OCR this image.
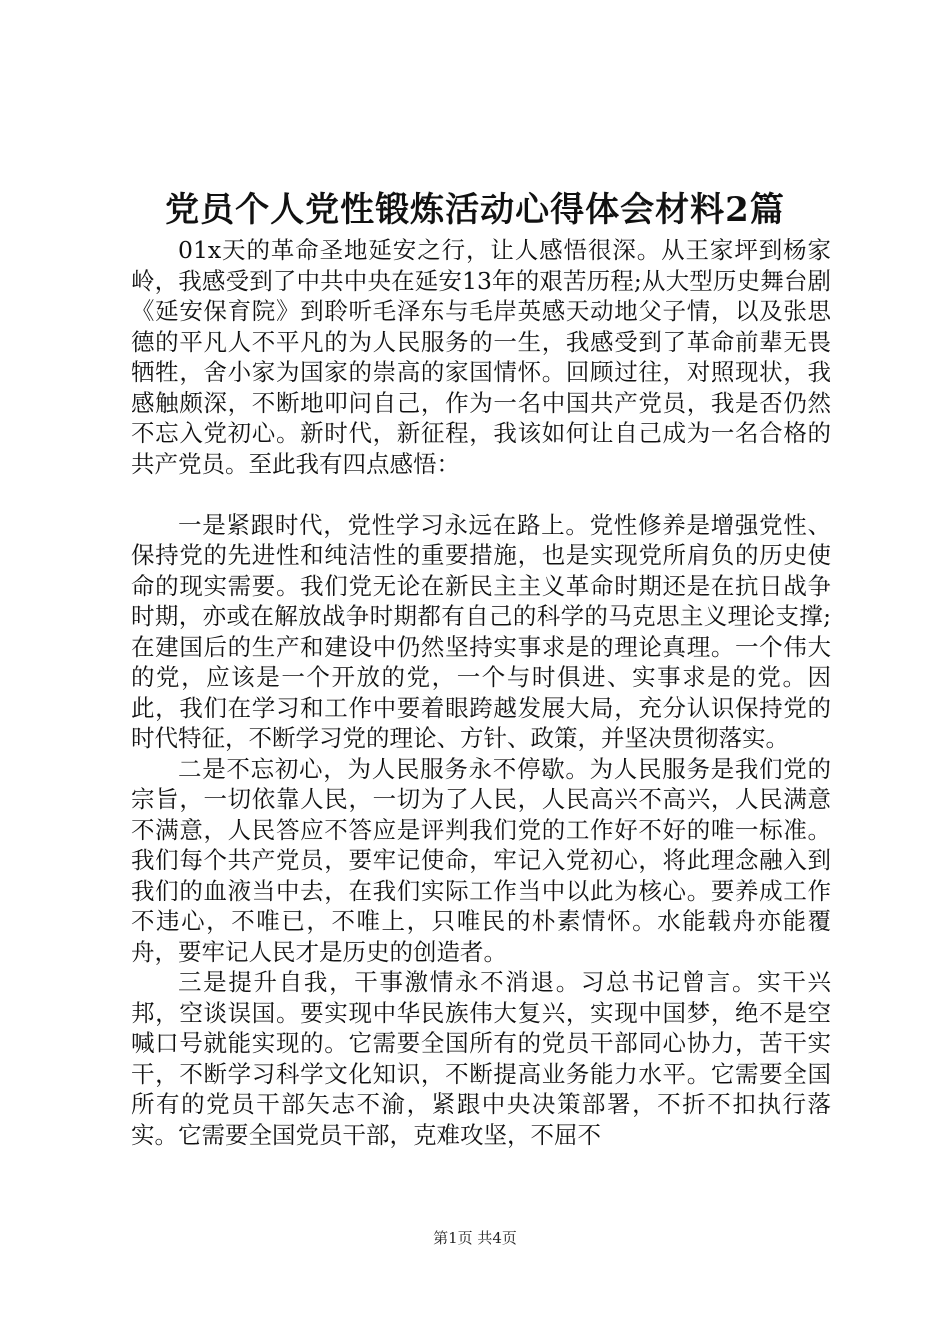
党员个人党性锻炼活动心得体会材料2篇

01x天的革命圣地延安之行，让人感悟很深。从王家坪到杨家岭，我感受到了中共中央在延安13年的艰苦历程;从大型历史舞台剧《延安保育院》到聆听毛泽东与毛岸英感天动地父子情，以及张思德的平凡人不平凡的为人民服务的一生，我感受到了革命前辈无畏牺牲，舍小家为国家的崇高的家国情怀。回顾过往，对照现状，我感触颇深，不断地叩问自己，作为一名中国共产党员，我是否仍然不忘入党初心。新时代，新征程，我该如何让自己成为一名合格的共产党员。至此我有四点感悟：

一是紧跟时代，党性学习永远在路上。党性修养是增强党性、保持党的先进性和纯洁性的重要措施，也是实现党所肩负的历史使命的现实需要。我们党无论在新民主主义革命时期还是在抗日战争时期，亦或在解放战争时期都有自己的科学的马克思主义理论支撑;在建国后的生产和建设中仍然坚持实事求是的理论真理。一个伟大的党，应该是一个开放的党，一个与时俱进、实事求是的党。因此，我们在学习和工作中要着眼跨越发展大局，充分认识保持党的时代特征，不断学习党的理论、方针、政策，并坚决贯彻落实。

二是不忘初心，为人民服务永不停歇。为人民服务是我们党的宗旨，一切依靠人民，一切为了人民，人民高兴不高兴，人民满意不满意，人民答应不答应是评判我们党的工作好不好的唯一标准。我们每个共产党员，要牢记使命，牢记入党初心，将此理念融入到我们的血液当中去，在我们实际工作当中以此为核心。要养成工作不违心，不唯已，不唯上，只唯民的朴素情怀。水能载舟亦能覆舟，要牢记人民才是历史的创造者。

三是提升自我，干事激情永不消退。习总书记曾言。实干兴邦，空谈误国。要实现中华民族伟大复兴，实现中国梦，绝不是空喊口号就能实现的。它需要全国所有的党员干部同心协力，苦干实干，不断学习科学文化知识，不断提高业务能力水平。它需要全国所有的党员干部矢志不渝，紧跟中央决策部署，不折不扣执行落实。它需要全国党员干部，克难攻坚，不屈不

第1页 共4页
